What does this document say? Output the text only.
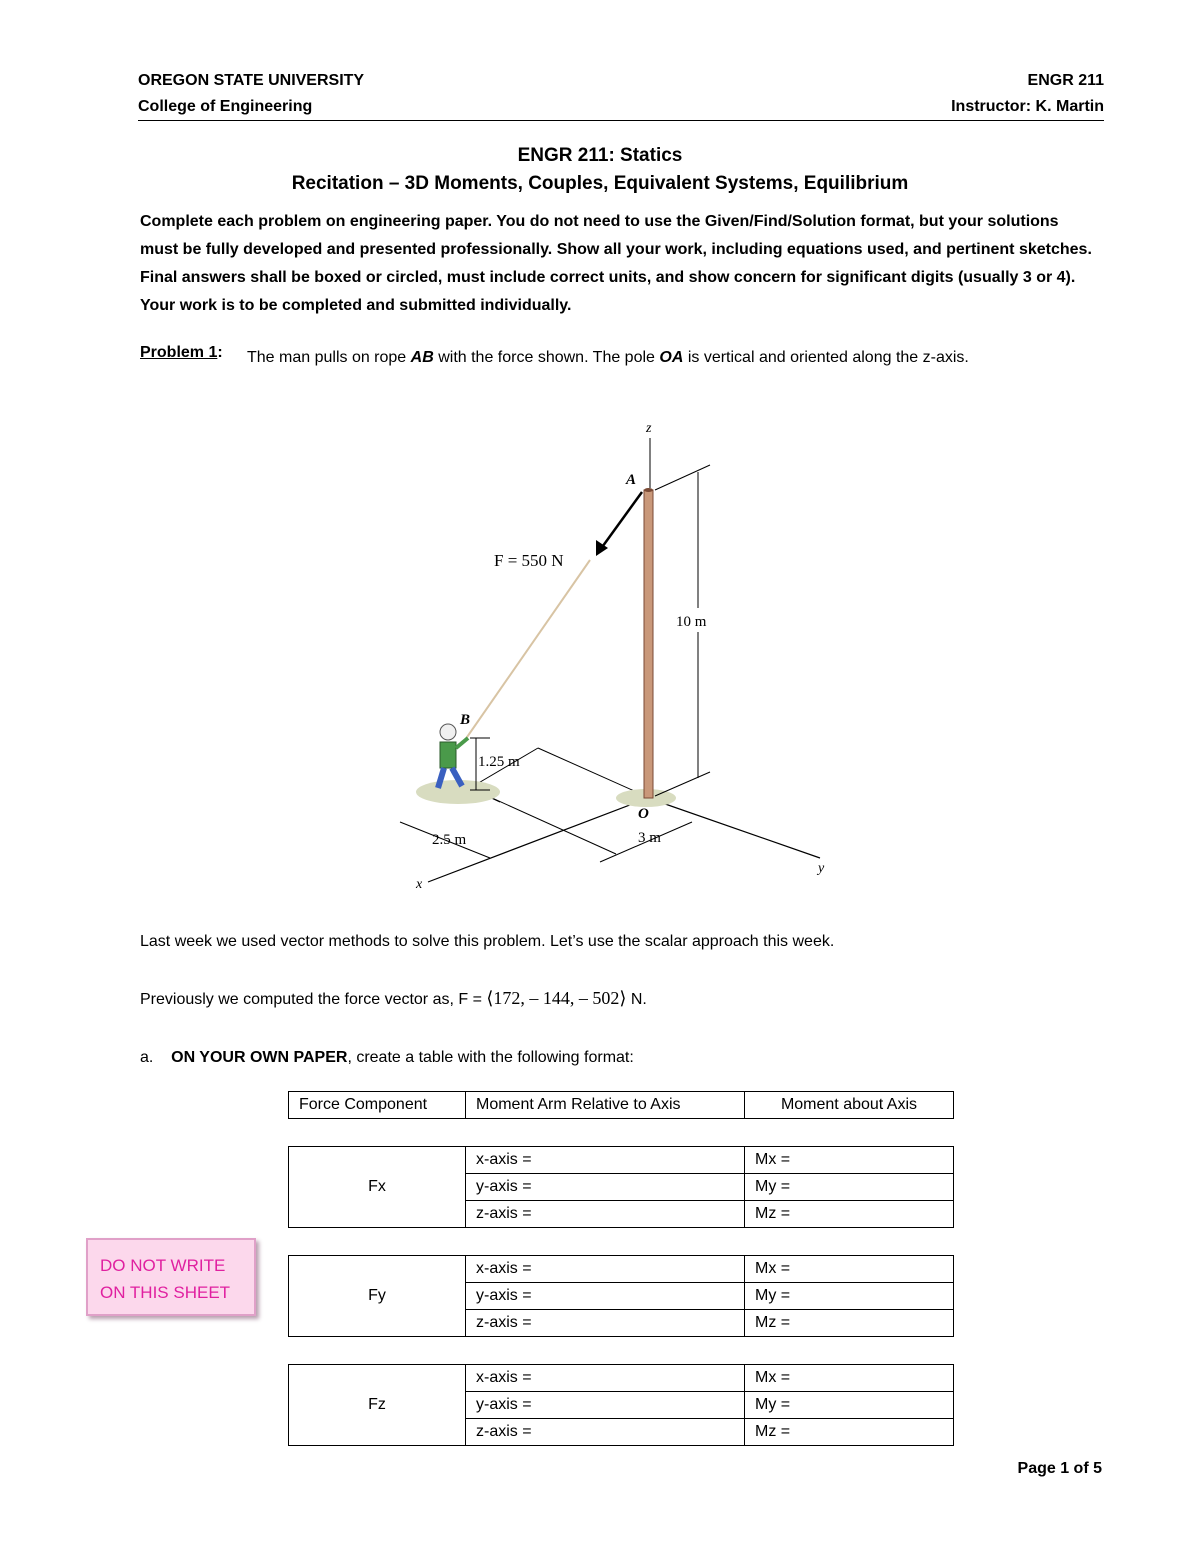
OREGON STATE UNIVERSITY
College of Engineering
ENGR 211
Instructor: K. Martin
ENGR 211: Statics
Recitation – 3D Moments, Couples, Equivalent Systems, Equilibrium
Complete each problem on engineering paper. You do not need to use the Given/Find/Solution format, but your solutions must be fully developed and presented professionally. Show all your work, including equations used, and pertinent sketches. Final answers shall be boxed or circled, must include correct units, and show concern for significant digits (usually 3 or 4). Your work is to be completed and submitted individually.
Problem 1: The man pulls on rope AB with the force shown. The pole OA is vertical and oriented along the z-axis.
z
y
x
2.5 m	3 m
A
O
10 m
F = 550 N
B
1.25 m
Last week we used vector methods to solve this problem. Let’s use the scalar approach this week.
Previously we computed the force vector as, F = ⟨172, – 144, – 502⟩ N.
a. ON YOUR OWN PAPER, create a table with the following format:
Force Component	Moment Arm Relative to Axis	Moment about Axis
Fx	x-axis =	Mx =
	y-axis =	My =
	z-axis =	Mz =
Fy	x-axis =	Mx =
	y-axis =	My =
	z-axis =	Mz =
Fz	x-axis =	Mx =
	y-axis =	My =
	z-axis =	Mz =
DO NOT WRITE
ON THIS SHEET
Page 1 of 5
